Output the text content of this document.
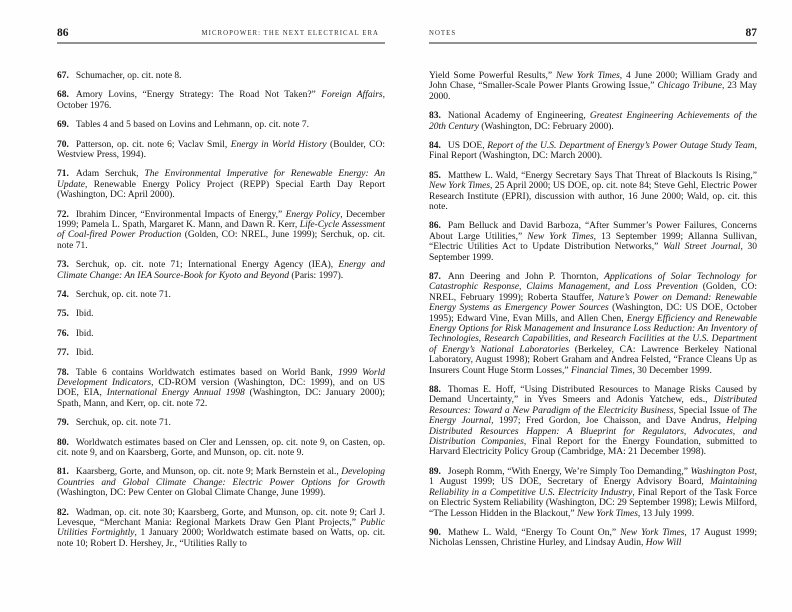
86	MICROPOWER: THE NEXT ELECTRICAL ERA

67. Schumacher, op. cit. note 8.

68. Amory Lovins, “Energy Strategy: The Road Not Taken?” Foreign Affairs, October 1976.

69. Tables 4 and 5 based on Lovins and Lehmann, op. cit. note 7.

70. Patterson, op. cit. note 6; Vaclav Smil, Energy in World History (Boulder, CO: Westview Press, 1994).

71. Adam Serchuk, The Environmental Imperative for Renewable Energy: An Update, Renewable Energy Policy Project (REPP) Special Earth Day Report (Washington, DC: April 2000).

72. Ibrahim Dincer, “Environmental Impacts of Energy,” Energy Policy, December 1999; Pamela L. Spath, Margaret K. Mann, and Dawn R. Kerr, Life-Cycle Assessment of Coal-fired Power Production (Golden, CO: NREL, June 1999); Serchuk, op. cit. note 71.

73. Serchuk, op. cit. note 71; International Energy Agency (IEA), Energy and Climate Change: An IEA Source-Book for Kyoto and Beyond (Paris: 1997).

74. Serchuk, op. cit. note 71.

75. Ibid.

76. Ibid.

77. Ibid.

78. Table 6 contains Worldwatch estimates based on World Bank, 1999 World Development Indicators, CD-ROM version (Washington, DC: 1999), and on US DOE, EIA, International Energy Annual 1998 (Washington, DC: January 2000); Spath, Mann, and Kerr, op. cit. note 72.

79. Serchuk, op. cit. note 71.

80. Worldwatch estimates based on Cler and Lenssen, op. cit. note 9, on Casten, op. cit. note 9, and on Kaarsberg, Gorte, and Munson, op. cit. note 9.

81. Kaarsberg, Gorte, and Munson, op. cit. note 9; Mark Bernstein et al., Developing Countries and Global Climate Change: Electric Power Options for Growth (Washington, DC: Pew Center on Global Climate Change, June 1999).

82. Wadman, op. cit. note 30; Kaarsberg, Gorte, and Munson, op. cit. note 9; Carl J. Levesque, “Merchant Mania: Regional Markets Draw Gen Plant Projects,” Public Utilities Fortnightly, 1 January 2000; Worldwatch estimate based on Watts, op. cit. note 10; Robert D. Hershey, Jr., “Utilities Rally to

NOTES	87

Yield Some Powerful Results,” New York Times, 4 June 2000; William Grady and John Chase, “Smaller-Scale Power Plants Growing Issue,” Chicago Tribune, 23 May 2000.

83. National Academy of Engineering, Greatest Engineering Achievements of the 20th Century (Washington, DC: February 2000).

84. US DOE, Report of the U.S. Department of Energy’s Power Outage Study Team, Final Report (Washington, DC: March 2000).

85. Matthew L. Wald, “Energy Secretary Says That Threat of Blackouts Is Rising,” New York Times, 25 April 2000; US DOE, op. cit. note 84; Steve Gehl, Electric Power Research Institute (EPRI), discussion with author, 16 June 2000; Wald, op. cit. this note.

86. Pam Belluck and David Barboza, “After Summer’s Power Failures, Concerns About Large Utilities,” New York Times, 13 September 1999; Allanna Sullivan, “Electric Utilities Act to Update Distribution Networks,” Wall Street Journal, 30 September 1999.

87. Ann Deering and John P. Thornton, Applications of Solar Technology for Catastrophic Response, Claims Management, and Loss Prevention (Golden, CO: NREL, February 1999); Roberta Stauffer, Nature’s Power on Demand: Renewable Energy Systems as Emergency Power Sources (Washington, DC: US DOE, October 1995); Edward Vine, Evan Mills, and Allen Chen, Energy Efficiency and Renewable Energy Options for Risk Management and Insurance Loss Reduction: An Inventory of Technologies, Research Capabilities, and Research Facilities at the U.S. Department of Energy’s National Laboratories (Berkeley, CA: Lawrence Berkeley National Laboratory, August 1998); Robert Graham and Andrea Felsted, “France Cleans Up as Insurers Count Huge Storm Losses,” Financial Times, 30 December 1999.

88. Thomas E. Hoff, “Using Distributed Resources to Manage Risks Caused by Demand Uncertainty,” in Yves Smeers and Adonis Yatchew, eds., Distributed Resources: Toward a New Paradigm of the Electricity Business, Special Issue of The Energy Journal, 1997; Fred Gordon, Joe Chaisson, and Dave Andrus, Helping Distributed Resources Happen: A Blueprint for Regulators, Advocates, and Distribution Companies, Final Report for the Energy Foundation, submitted to Harvard Electricity Policy Group (Cambridge, MA: 21 December 1998).

89. Joseph Romm, “With Energy, We’re Simply Too Demanding,” Washington Post, 1 August 1999; US DOE, Secretary of Energy Advisory Board, Maintaining Reliability in a Competitive U.S. Electricity Industry, Final Report of the Task Force on Electric System Reliability (Washington, DC: 29 September 1998); Lewis Milford, “The Lesson Hidden in the Blackout,” New York Times, 13 July 1999.

90. Mathew L. Wald, “Energy To Count On,” New York Times, 17 August 1999; Nicholas Lenssen, Christine Hurley, and Lindsay Audin, How Will
